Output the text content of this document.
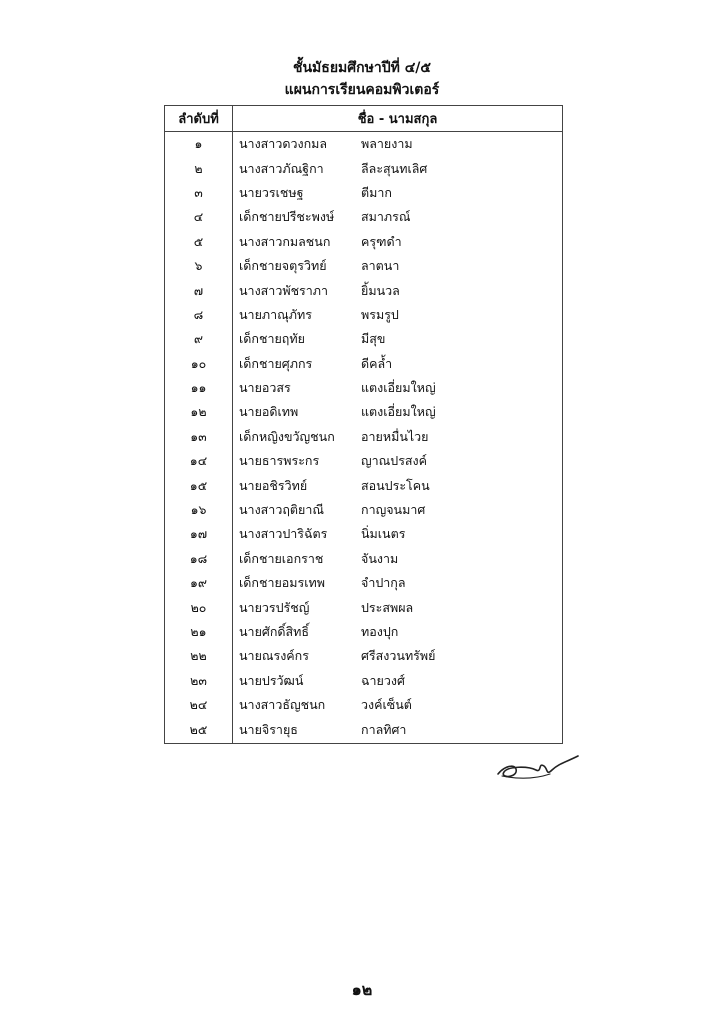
ชั้นมัธยมศึกษาปีที่ ๔/๕
แผนการเรียนคอมพิวเตอร์
ลำดับที่	ชื่อ - นามสกุล
๑	นางสาวดวงกมล พลายงาม

๒	นางสาวภัณฐิกา ลีละสุนทเลิศ

๓	นายวรเชษฐ ตีมาก

๔	เด็กชายปรีชะพงษ์ สมาภรณ์

๕	นางสาวกมลชนก ครุฑดำ

๖	เด็กชายจตุรวิทย์ ลาตนา

๗	นางสาวพัชราภา ยิ้มนวล

๘	นายภาณุภัทร พรมรูป

๙	เด็กชายฤทัย มีสุข

๑๐	เด็กชายศุภกร ดีคล้ำ

๑๑	นายอวสร แตงเอี่ยมใหญ่

๑๒	นายอดิเทพ แตงเอี่ยมใหญ่

๑๓	เด็กหญิงขวัญชนก อายหมื่นไวย

๑๔	นายธารพระกร ญาณปรสงค์

๑๕	นายอชิรวิทย์ สอนประโคน

๑๖	นางสาวฤติยาณี กาญจนมาศ

๑๗	นางสาวปาริฉัตร นิ่มเนตร

๑๘	เด็กชายเอกราช จันงาม

๑๙	เด็กชายอมรเทพ จำปากุล

๒๐	นายวรปรัชญ์ ประสพผล

๒๑	นายศักดิ์สิทธิ์ ทองปุก

๒๒	นายณรงค์กร ศรีสงวนทรัพย์

๒๓	นายปรวัฒน์ ฉายวงศ์

๒๔	นางสาวธัญชนก วงค์เซ็นต์

๒๕	นายจิรายุธ กาลทิศา
๑๒
